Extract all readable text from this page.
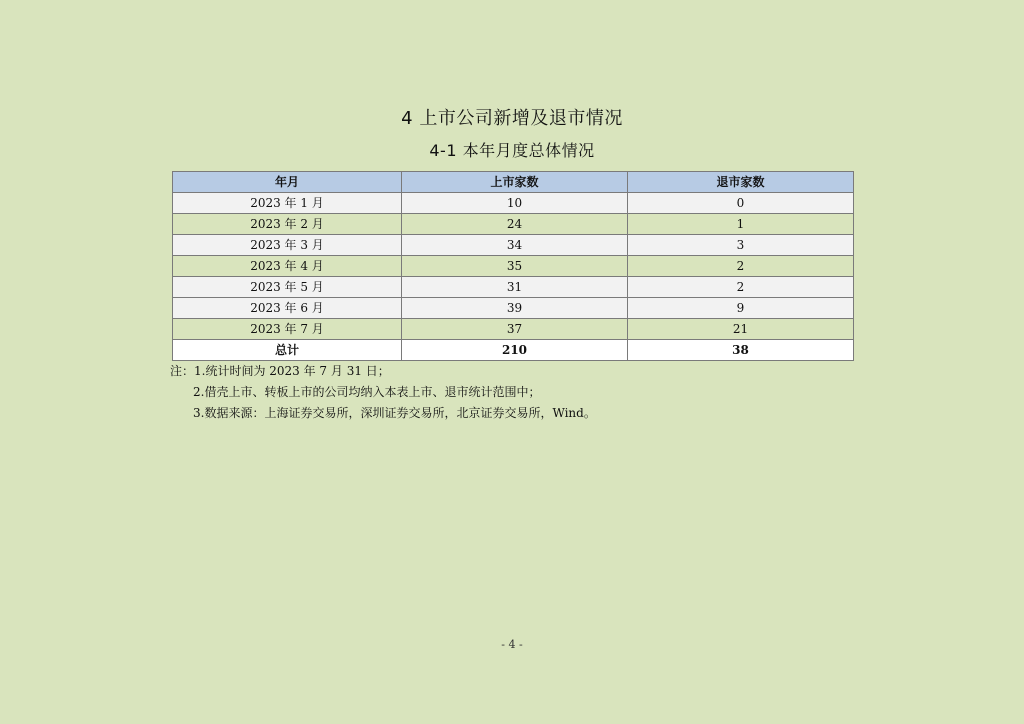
4 上市公司新增及退市情况
4-1 本年月度总体情况
年月	上市家数	退市家数
2023 年 1 月	10	0
2023 年 2 月	24	1
2023 年 3 月	34	3
2023 年 4 月	35	2
2023 年 5 月	31	2
2023 年 6 月	39	9
2023 年 7 月	37	21
总计	210	38
注：1.统计时间为 2023 年 7 月 31 日；
2.借壳上市、转板上市的公司均纳入本表上市、退市统计范围中；
3.数据来源：上海证券交易所，深圳证券交易所，北京证券交易所，Wind。
- 4 -
